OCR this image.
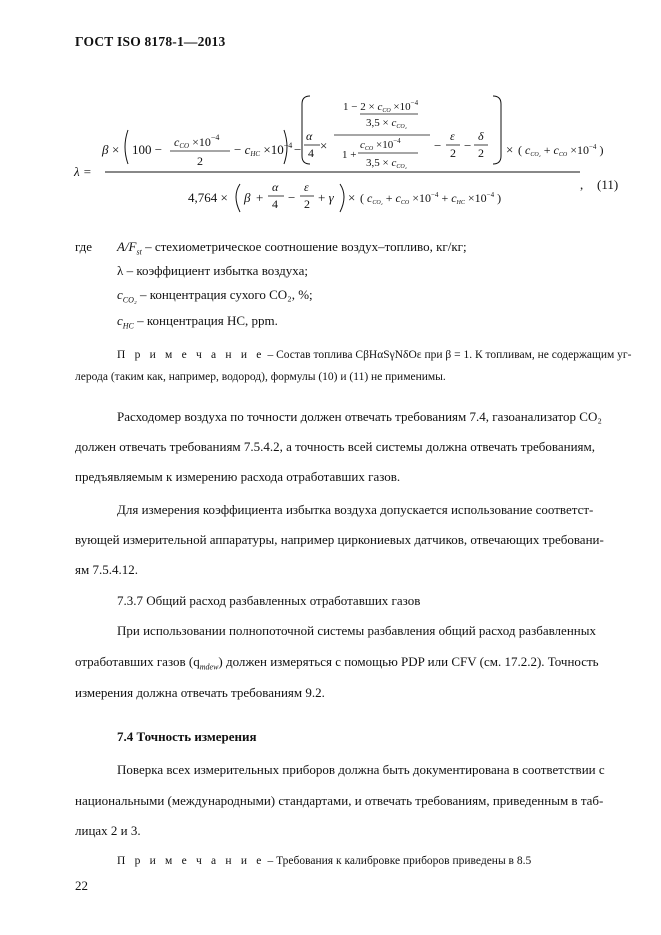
ГОСТ ISO 8178-1—2013
λ =
β × 100 − cCO $\times 10^{-4}$
2
− cHC $\times 10^{-4}$ −
α
4 ×
1 − 2 × cCO $\times 10^{-4}$
3,5 × cCO₂
1 +
cCO $\times 10^{-4}$
3,5 × cCO₂
−
ε
2 −
δ
2 × ( cCO₂ + cCO $\times 10^{-4}$ )
4,764 × β +
α
4 −
ε
2 + γ × ( cCO₂ + cCO $\times 10^{-4}$ + cHC $\times 10^{-4}$ )
, (11)
где $A/F_{st}$ – стехиометрическое соотношение воздух–топливо, кг/кг;
λ – коэффициент избытка воздуха;
$c_{CO_2}$ – концентрация сухого CO₂, %;
$c_{HC}$ – концентрация HC, ppm.
П р и м е ч а н и е – Состав топлива CβHαSγNδOε при β = 1. К топливам, не содержащим уг-
лерода (таким как, например, водород), формулы (10) и (11) не применимы.
Расходомер воздуха по точности должен отвечать требованиям 7.4, газоанализатор CO₂
должен отвечать требованиям 7.5.4.2, а точность всей системы должна отвечать требованиям,
предъявляемым к измерению расхода отработавших газов.
Для измерения коэффициента избытка воздуха допускается использование соответст-
вующей измерительной аппаратуры, например циркониевых датчиков, отвечающих требовани-
ям 7.5.4.12.
7.3.7 Общий расход разбавленных отработавших газов
При использовании полнопоточной системы разбавления общий расход разбавленных
отработавших газов $(q_{mdew})$ должен измеряться с помощью PDP или CFV (см. 17.2.2). Точность
измерения должна отвечать требованиям 9.2.
7.4 Точность измерения
Поверка всех измерительных приборов должна быть документирована в соответствии с
национальными (международными) стандартами, и отвечать требованиям, приведенным в таб-
лицах 2 и 3.
П р и м е ч а н и е – Требования к калибровке приборов приведены в 8.5
22
